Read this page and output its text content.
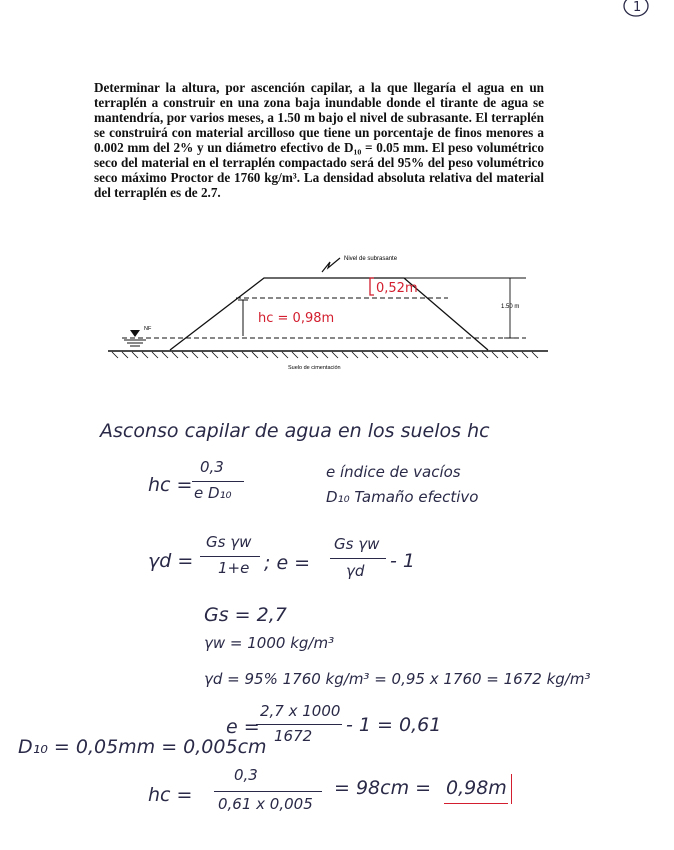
1

Determinar la altura, por ascención capilar, a la que llegaría el agua en un terraplén a construir en una zona baja inundable donde el tirante de agua se mantendría, por varios meses, a 1.50 m bajo el nivel de subrasante. El terraplén se construirá con material arcilloso que tiene un porcentaje de finos menores a 0.002 mm del 2% y un diámetro efectivo de D₁₀ = 0.05 mm. El peso volumétrico seco del material en el terraplén compactado será del 95% del peso volumétrico seco máximo Proctor de 1760 kg/m³. La densidad absoluta relativa del material del terraplén es de 2.7.

Nivel de subrasante
1.50 m
0,52m
hc = 0,98m
NF
Suelo de cimentación
Asconso capilar de agua en los suelos hc
hc =
0,3
e D₁₀
e índice de vacíos
D₁₀ Tamaño efectivo
γd =
Gs γw
1+e ; e =
Gs γw
γd - 1
Gs = 2,7
γw = 1000 kg/m³
γd = 95% 1760 kg/m³ = 0,95 x 1760 = 1672 kg/m³
e =
2,7 x 1000
1672 - 1 = 0,61
D₁₀ = 0,05mm = 0,005cm
hc =
0,3
0,61 x 0,005
= 98cm = 0,98m
